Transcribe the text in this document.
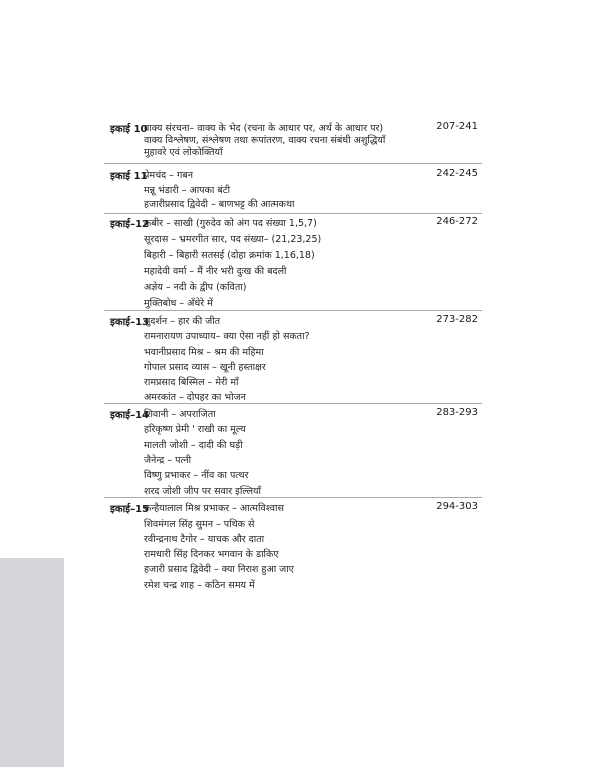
इकाई 10	207-241
वाक्य संरचना– वाक्य के भेद (रचना के आधार पर, अर्थ के आधार पर)
वाक्य विश्लेषण, संश्लेषण तथा रूपांतरण, वाक्य रचना संबंधी अशुद्धियाँ
मुहावरे एवं लोकोक्तियाँ
इकाई 11	242-245
प्रेमचंद – गबन
मन्नू भंडारी – आपका बंटी
हजारीप्रसाद द्विवेदी – बाणभट्ट की आत्मकथा
इकाई–12	246-272
कबीर – साखी (गुरुदेव को अंग पद संख्या 1,5,7)
सूरदास – भ्रमरगीत सार, पद संख्या– (21,23,25)
बिहारी – बिहारी सतसई (दोहा क्रमांक 1,16,18)
महादेवी वर्मा – मैं नीर भरी दुःख की बदली
अज्ञेय – नदी के द्वीप (कविता)
मुक्तिबोध – अँधेरे में
इकाई–13	273-282
सुदर्शन – हार की जीत
रामनारायण उपाध्याय– क्या ऐसा नहीं हो सकता?
भवानीप्रसाद मिश्र – श्रम की महिमा
गोपाल प्रसाद व्यास – खूनी हस्ताक्षर
रामप्रसाद बिस्मिल – मेरी माँ
अमरकांत – दोपहर का भोजन
इकाई–14	283-293
शिवानी – अपराजिता
हरिकृष्ण प्रेमी ' राखी का मूल्य
मालती जोशी – दादी की घड़ी
जैनेन्द्र – पत्नी
विष्णु प्रभाकर – नींव का पत्थर
शरद जोशी जीप पर सवार इल्लियाँ
इकाई–15	294-303
कन्हैयालाल मिश्र प्रभाकर – आत्मविश्वास
शिवमंगल सिंह सुमन – पथिक से
रवीन्द्रनाथ टैगोर – याचक और दाता
रामधारी सिंह दिनकर भगवान के डाकिए
हजारी प्रसाद द्विवेदी – क्या निराश हुआ जाए
रमेश चन्द्र शाह – कठिन समय में
